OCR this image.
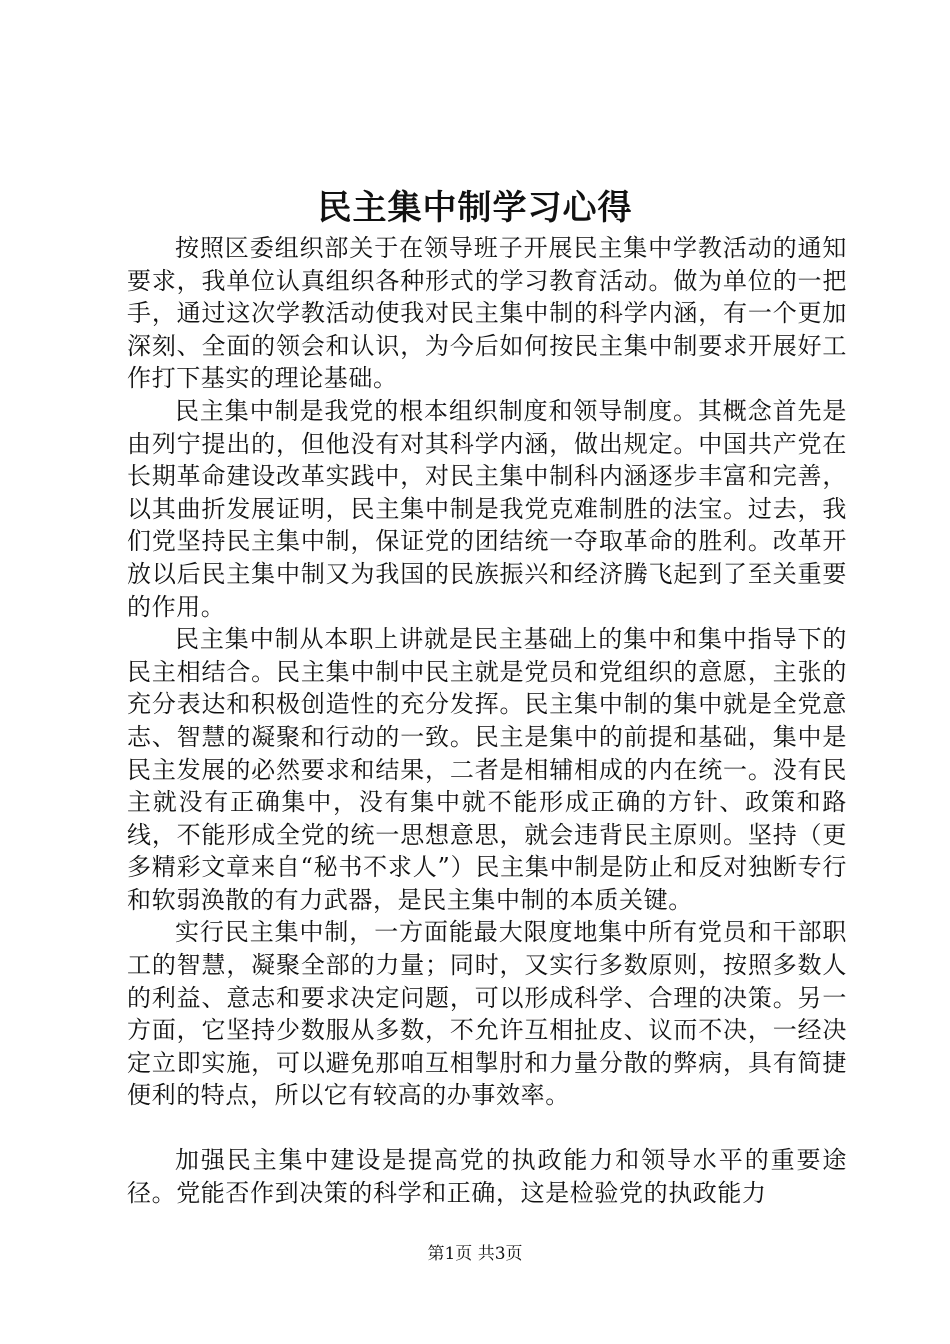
民主集中制学习心得

按照区委组织部关于在领导班子开展民主集中学教活动的通知要求，我单位认真组织各种形式的学习教育活动。做为单位的一把手，通过这次学教活动使我对民主集中制的科学内涵，有一个更加深刻、全面的领会和认识，为今后如何按民主集中制要求开展好工作打下基实的理论基础。

民主集中制是我党的根本组织制度和领导制度。其概念首先是由列宁提出的，但他没有对其科学内涵，做出规定。中国共产党在长期革命建设改革实践中，对民主集中制科内涵逐步丰富和完善，以其曲折发展证明，民主集中制是我党克难制胜的法宝。过去，我们党坚持民主集中制，保证党的团结统一夺取革命的胜利。改革开放以后民主集中制又为我国的民族振兴和经济腾飞起到了至关重要的作用。

民主集中制从本职上讲就是民主基础上的集中和集中指导下的民主相结合。民主集中制中民主就是党员和党组织的意愿，主张的充分表达和积极创造性的充分发挥。民主集中制的集中就是全党意志、智慧的凝聚和行动的一致。民主是集中的前提和基础，集中是民主发展的必然要求和结果，二者是相辅相成的内在统一。没有民主就没有正确集中，没有集中就不能形成正确的方针、政策和路线，不能形成全党的统一思想意思，就会违背民主原则。坚持（更多精彩文章来自“秘书不求人”）民主集中制是防止和反对独断专行和软弱涣散的有力武器，是民主集中制的本质关键。

实行民主集中制，一方面能最大限度地集中所有党员和干部职工的智慧，凝聚全部的力量；同时，又实行多数原则，按照多数人的利益、意志和要求决定问题，可以形成科学、合理的决策。另一方面，它坚持少数服从多数，不允许互相扯皮、议而不决，一经决定立即实施，可以避免那咱互相掣肘和力量分散的弊病，具有简捷便利的特点，所以它有较高的办事效率。

加强民主集中建设是提高党的执政能力和领导水平的重要途径。党能否作到决策的科学和正确，这是检验党的执政能力

第1页 共3页
